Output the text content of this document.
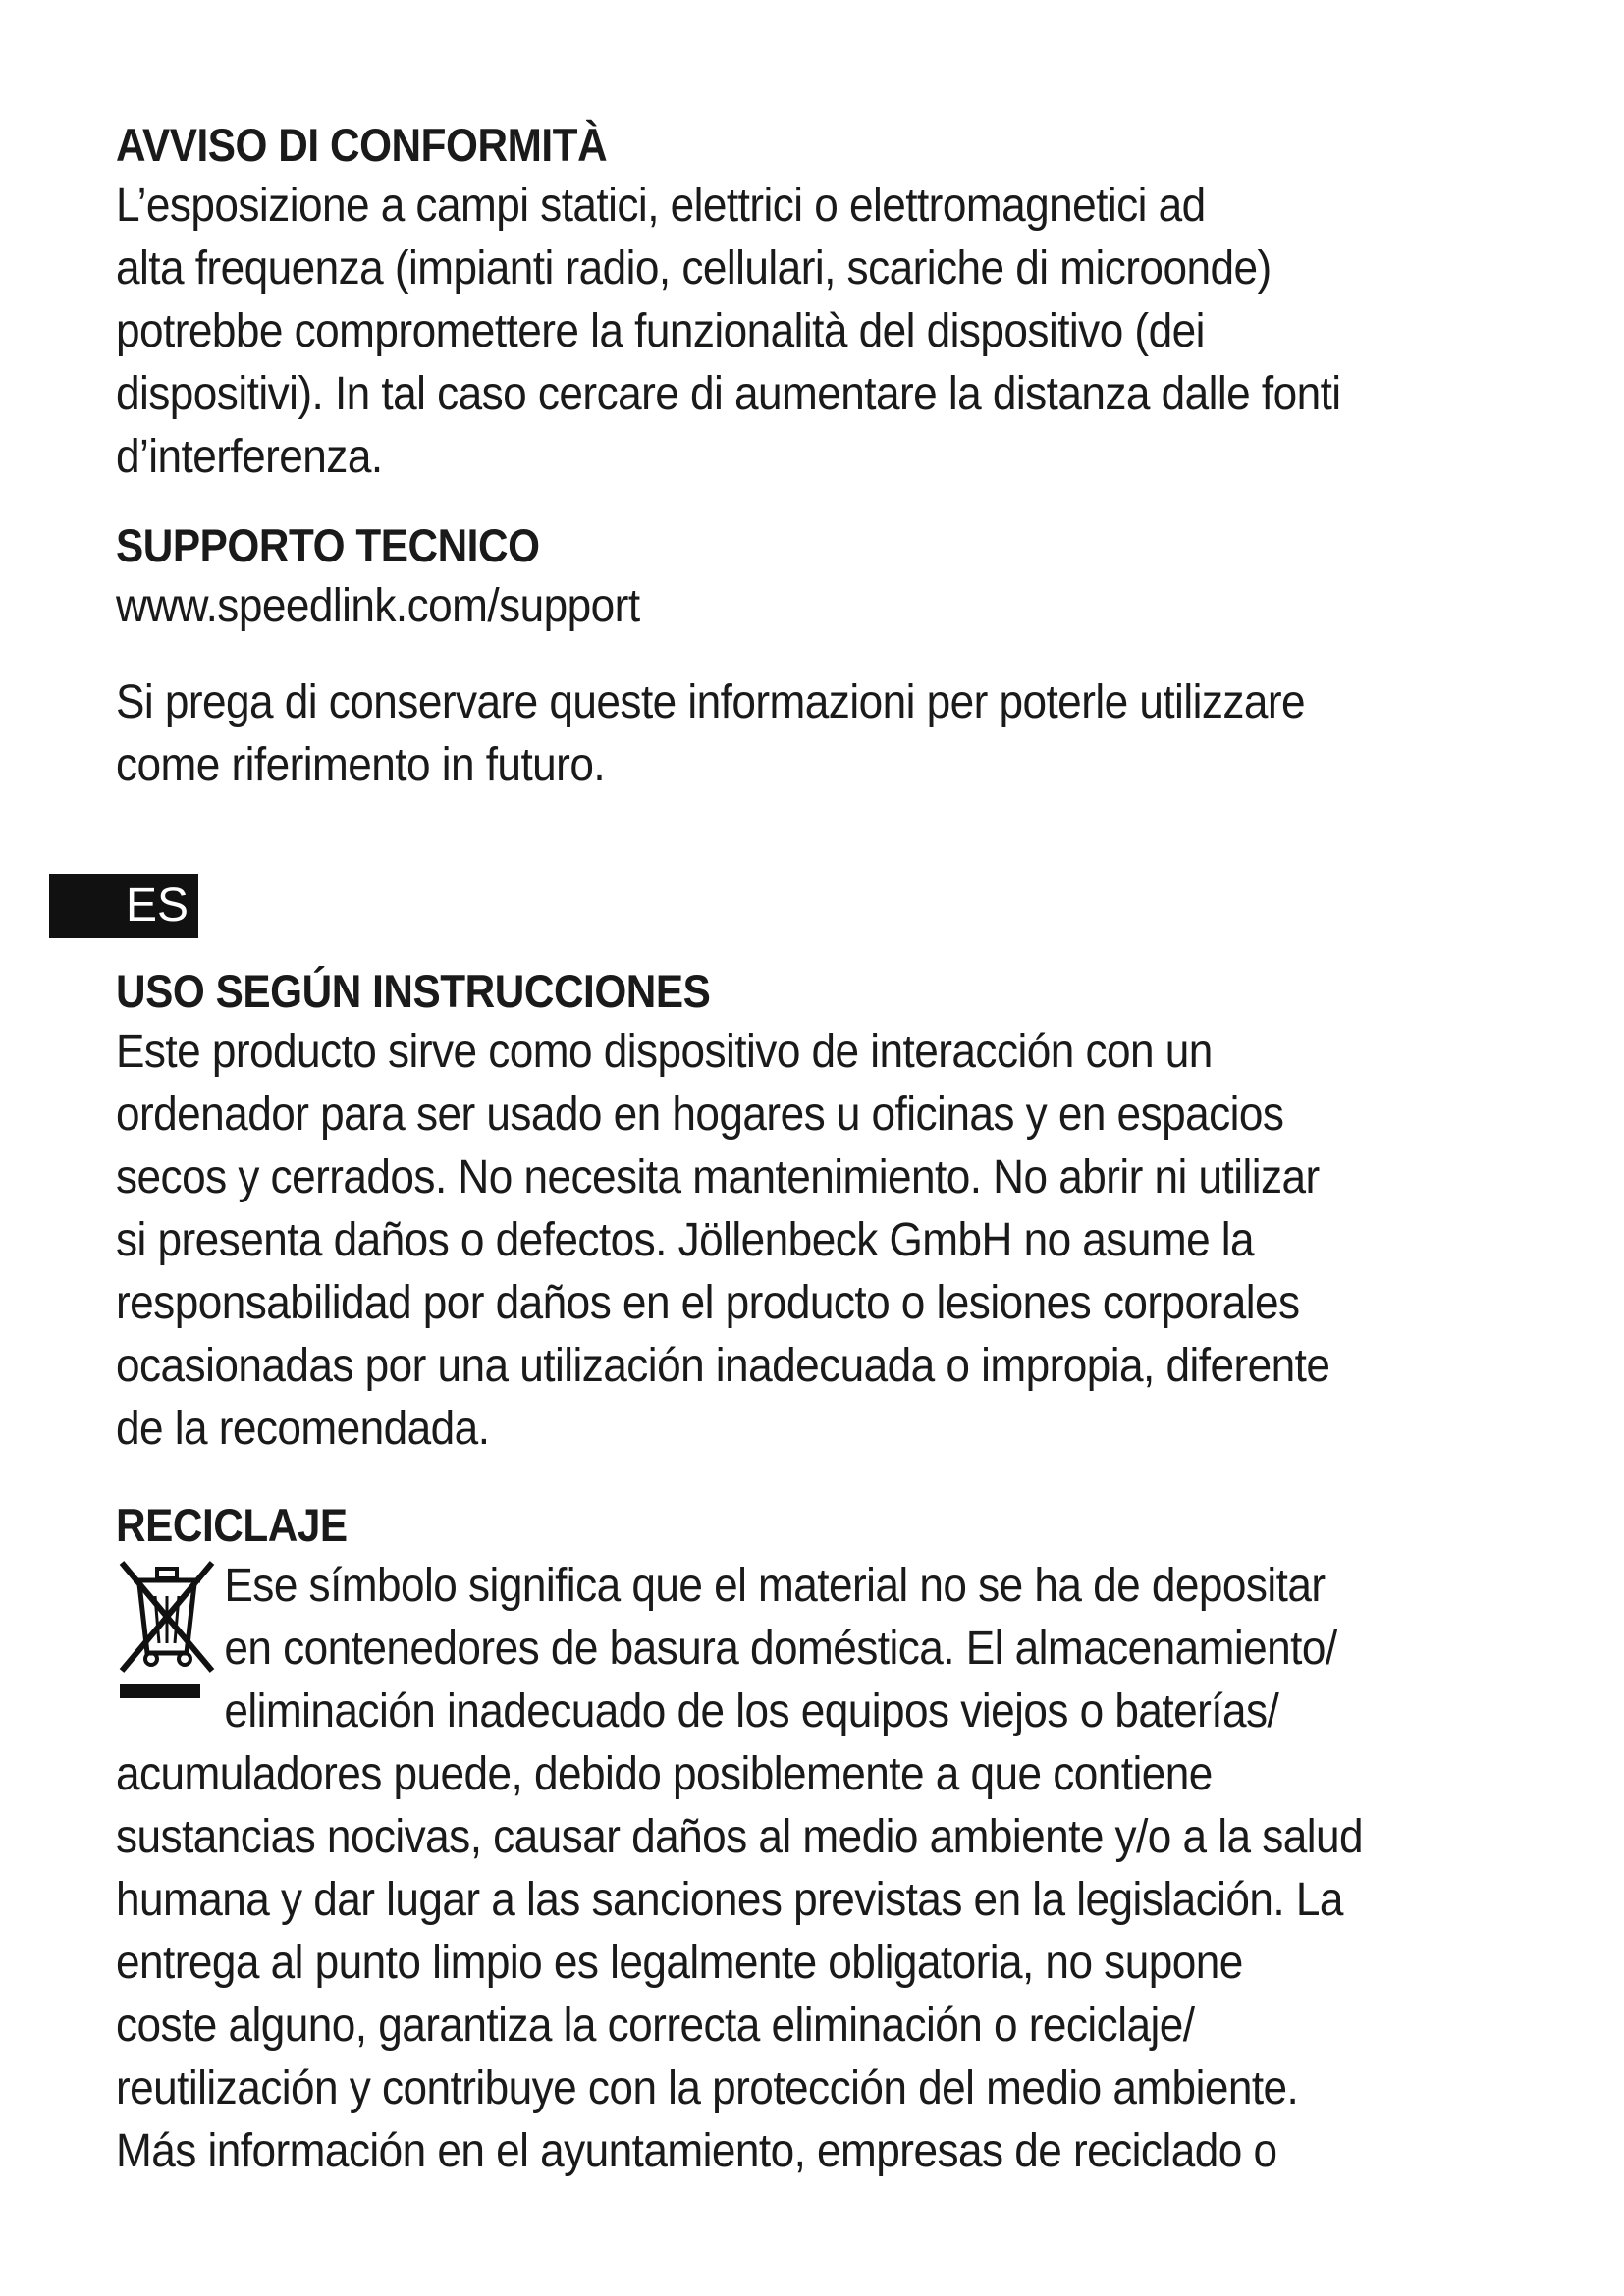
AVVISO DI CONFORMITÀ

L’esposizione a campi statici, elettrici o elettromagnetici ad
alta frequenza (impianti radio, cellulari, scariche di microonde)
potrebbe compromettere la funzionalità del dispositivo (dei
dispositivi). In tal caso cercare di aumentare la distanza dalle fonti
d’interferenza.

SUPPORTO TECNICO

www.speedlink.com/support

Si prega di conservare queste informazioni per poterle utilizzare
come riferimento in futuro.

USO SEGÚN INSTRUCCIONES

Este producto sirve como dispositivo de interacción con un
ordenador para ser usado en hogares u oficinas y en espacios
secos y cerrados. No necesita mantenimiento. No abrir ni utilizar
si presenta daños o defectos. Jöllenbeck GmbH no asume la
responsabilidad por daños en el producto o lesiones corporales
ocasionadas por una utilización inadecuada o impropia, diferente
de la recomendada.

RECICLAJE

Ese símbolo significa que el material no se ha de depositar
en contenedores de basura doméstica. El almacenamiento/
eliminación inadecuado de los equipos viejos o baterías/

acumuladores puede, debido posiblemente a que contiene
sustancias nocivas, causar daños al medio ambiente y/o a la salud
humana y dar lugar a las sanciones previstas en la legislación. La
entrega al punto limpio es legalmente obligatoria, no supone
coste alguno, garantiza la correcta eliminación o reciclaje/
reutilización y contribuye con la protección del medio ambiente.
Más información en el ayuntamiento, empresas de reciclado o

ES
